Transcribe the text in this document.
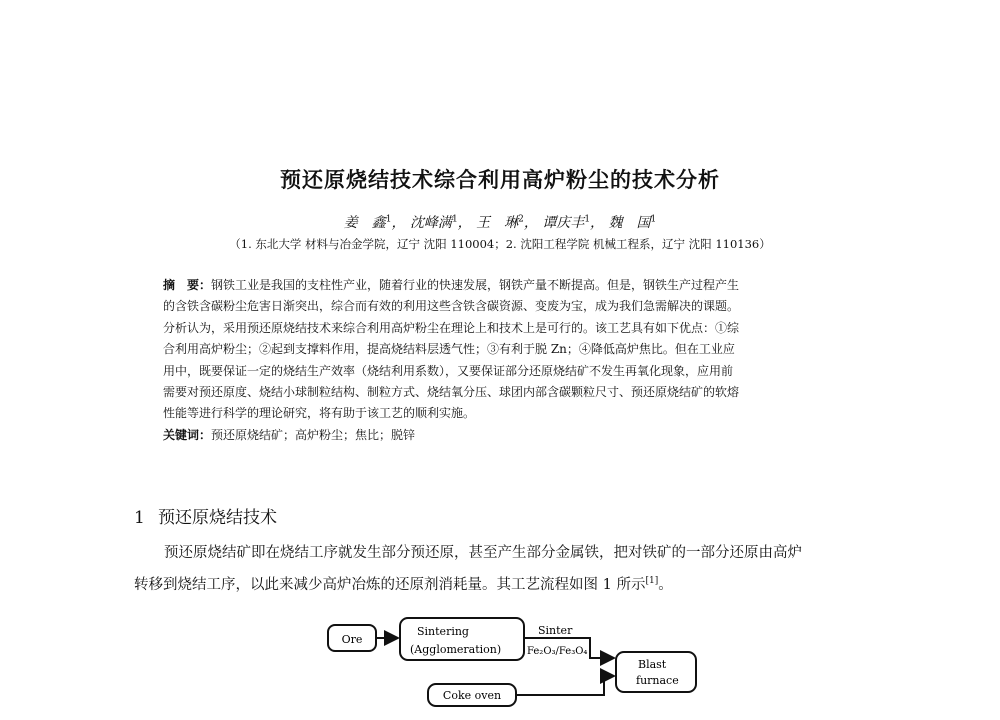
预还原烧结技术综合利用高炉粉尘的技术分析
姜　鑫$^1$， 沈峰满$^1$， 王　琳$^2$， 谭庆丰$^1$， 魏　国$^1$
（1. 东北大学 材料与冶金学院，辽宁 沈阳 110004；2. 沈阳工程学院 机械工程系，辽宁 沈阳 110136）
摘　要：钢铁工业是我国的支柱性产业，随着行业的快速发展，钢铁产量不断提高。但是，钢铁生产过程产生
的含铁含碳粉尘危害日渐突出，综合而有效的利用这些含铁含碳资源、变废为宝，成为我们急需解决的课题。
分析认为，采用预还原烧结技术来综合利用高炉粉尘在理论上和技术上是可行的。该工艺具有如下优点：①综
合利用高炉粉尘；②起到支撑料作用，提高烧结料层透气性；③有利于脱 Zn；④降低高炉焦比。但在工业应
用中，既要保证一定的烧结生产效率（烧结利用系数），又要保证部分还原烧结矿不发生再氧化现象，应用前
需要对预还原度、烧结小球制粒结构、制粒方式、烧结氧分压、球团内部含碳颗粒尺寸、预还原烧结矿的软熔
性能等进行科学的理论研究，将有助于该工艺的顺利实施。
关键词：预还原烧结矿；高炉粉尘；焦比；脱锌
1 预还原烧结技术
预还原烧结矿即在烧结工序就发生部分预还原，甚至产生部分金属铁，把对铁矿的一部分还原由高炉
转移到烧结工序，以此来减少高炉冶炼的还原剂消耗量。其工艺流程如图 1 所示[1]。
Ore
Sintering
(Agglomeration)
Sinter
Fe₂O₃/Fe₃O₄
Blast
furnace
Coke oven
